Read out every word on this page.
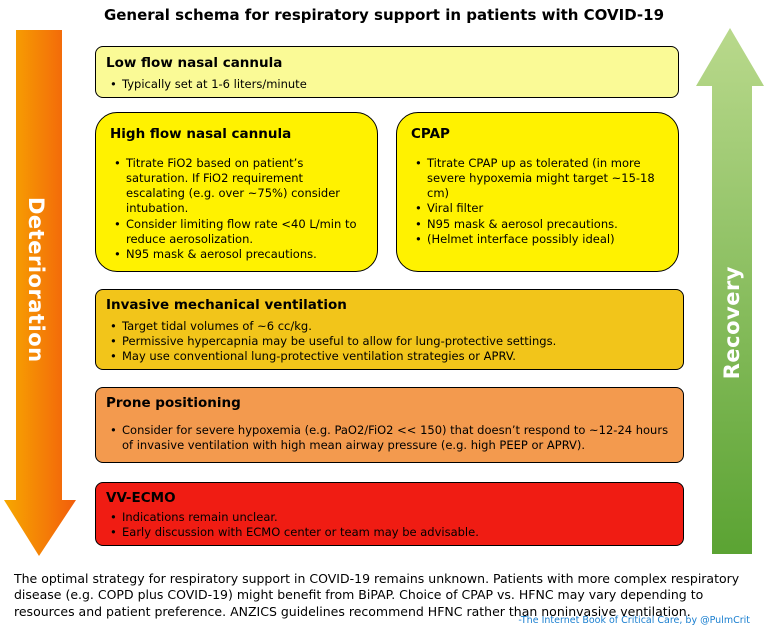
General schema for respiratory support in patients with COVID-19
Deterioration	Recovery
Low flow nasal cannula
• Typically set at 1-6 liters/minute
High flow nasal cannula
• Titrate FiO2 based on patient’s saturation. If FiO2 requirement escalating (e.g. over ~75%) consider intubation.
• Consider limiting flow rate <40 L/min to reduce aerosolization.
• N95 mask & aerosol precautions.
CPAP
• Titrate CPAP up as tolerated (in more severe hypoxemia might target ~15-18 cm)
• Viral filter
• N95 mask & aerosol precautions.
• (Helmet interface possibly ideal)
Invasive mechanical ventilation
• Target tidal volumes of ~6 cc/kg.
• Permissive hypercapnia may be useful to allow for lung-protective settings.
• May use conventional lung-protective ventilation strategies or APRV.
Prone positioning
• Consider for severe hypoxemia (e.g. PaO2/FiO2 << 150) that doesn’t respond to ~12-24 hours of invasive ventilation with high mean airway pressure (e.g. high PEEP or APRV).
VV-ECMO
• Indications remain unclear.
• Early discussion with ECMO center or team may be advisable.
The optimal strategy for respiratory support in COVID-19 remains unknown. Patients with more complex respiratory disease (e.g. COPD plus COVID-19) might benefit from BiPAP. Choice of CPAP vs. HFNC may vary depending to resources and patient preference. ANZICS guidelines recommend HFNC rather than noninvasive ventilation.
-The Internet Book of Critical Care, by @PulmCrit
